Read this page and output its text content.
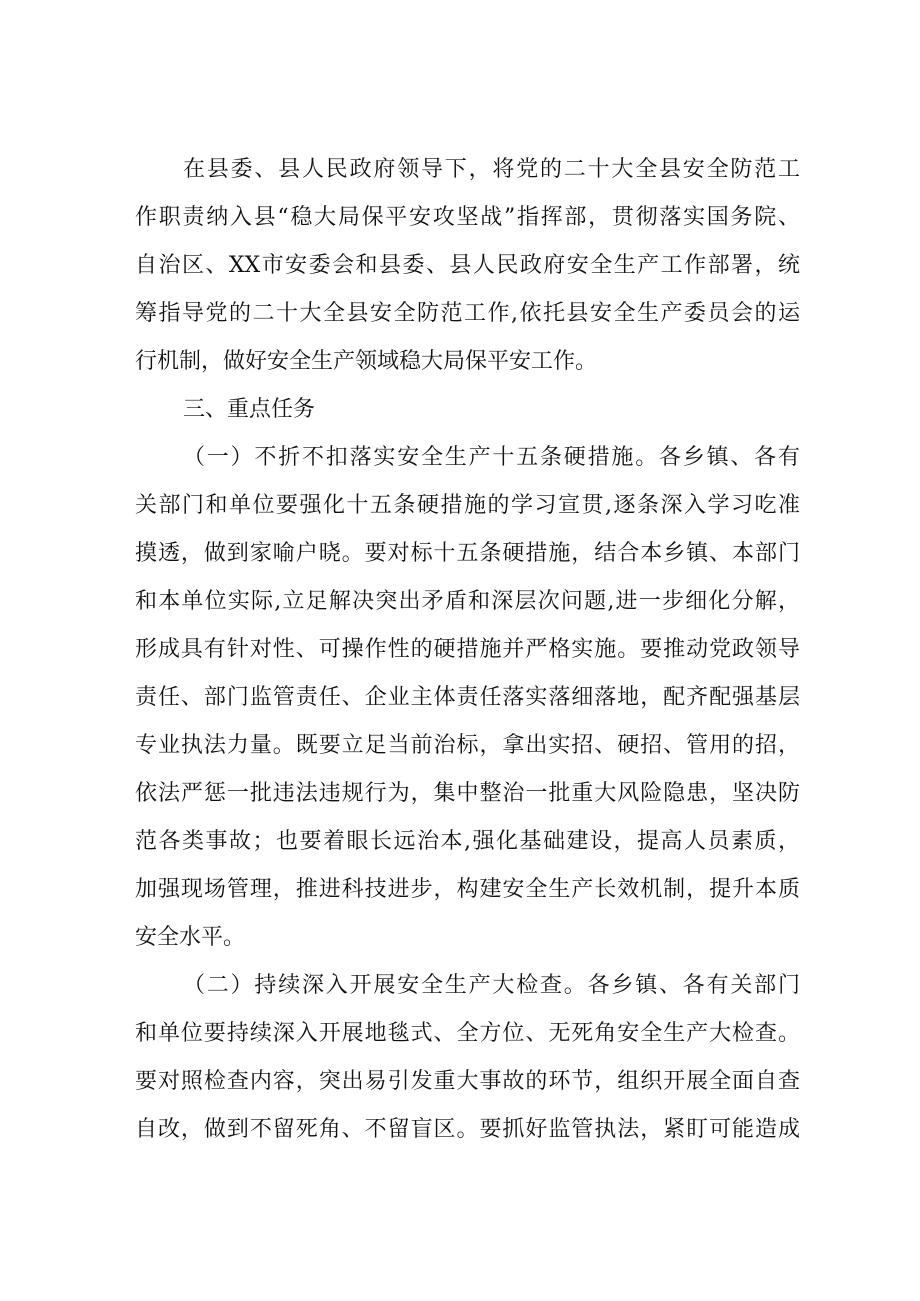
在县委、县人民政府领导下，将党的二十大全县安全防范工
作职责纳入县“稳大局保平安攻坚战”指挥部，贯彻落实国务院、
自治区、XX市安委会和县委、县人民政府安全生产工作部署，统
筹指导党的二十大全县安全防范工作,依托县安全生产委员会的运
行机制，做好安全生产领域稳大局保平安工作。
三、重点任务
（一）不折不扣落实安全生产十五条硬措施。各乡镇、各有
关部门和单位要强化十五条硬措施的学习宣贯,逐条深入学习吃准
摸透，做到家喻户晓。要对标十五条硬措施，结合本乡镇、本部门
和本单位实际,立足解决突出矛盾和深层次问题,进一步细化分解，
形成具有针对性、可操作性的硬措施并严格实施。要推动党政领导
责任、部门监管责任、企业主体责任落实落细落地，配齐配强基层
专业执法力量。既要立足当前治标，拿出实招、硬招、管用的招，
依法严惩一批违法违规行为，集中整治一批重大风险隐患，坚决防
范各类事故；也要着眼长远治本,强化基础建设，提高人员素质，
加强现场管理，推进科技进步，构建安全生产长效机制，提升本质
安全水平。
（二）持续深入开展安全生产大检查。各乡镇、各有关部门
和单位要持续深入开展地毯式、全方位、无死角安全生产大检查。
要对照检查内容，突出易引发重大事故的环节，组织开展全面自查
自改，做到不留死角、不留盲区。要抓好监管执法，紧盯可能造成
